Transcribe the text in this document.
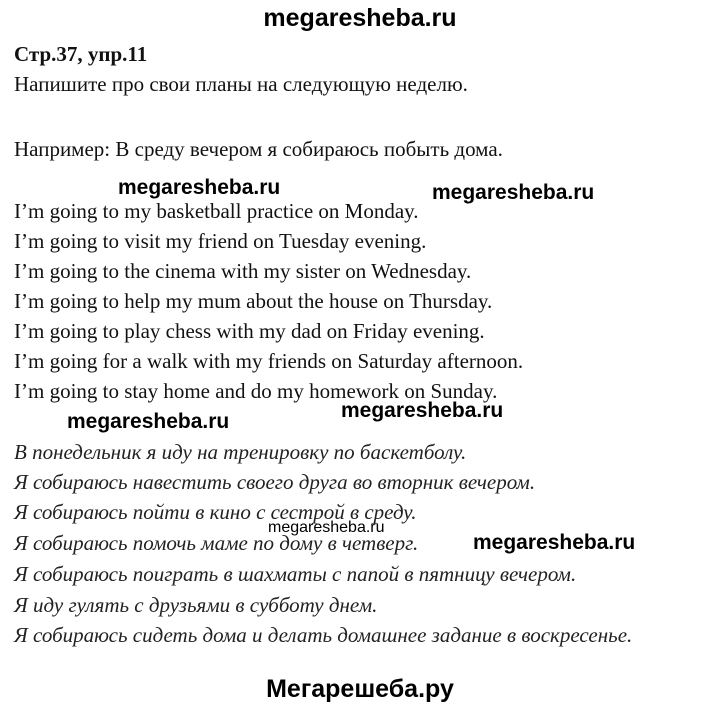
megaresheba.ru
Стр.37, упр.11
Напишите про свои планы на следующую неделю.
Например: В среду вечером я собираюсь побыть дома.
megaresheba.ru	megaresheba.ru
I’m going to my basketball practice on Monday.
I’m going to visit my friend on Tuesday evening.
I’m going to the cinema with my sister on Wednesday.
I’m going to help my mum about the house on Thursday.
I’m going to play chess with my dad on Friday evening.
I’m going for a walk with my friends on Saturday afternoon.
I’m going to stay home and do my homework on Sunday.
megaresheba.ru	megaresheba.ru
В понедельник я иду на тренировку по баскетболу.
Я собираюсь навестить своего друга во вторник вечером.
Я собираюсь пойти в кино с сестрой в среду.
Я собираюсь помочь маме по дому в четверг.
Я собираюсь поиграть в шахматы с папой в пятницу вечером.
Я иду гулять с друзьями в субботу днем.
Я собираюсь сидеть дома и делать домашнее задание в воскресенье.
megaresheba.ru
megaresheba.ru
Мегарешеба.ру
